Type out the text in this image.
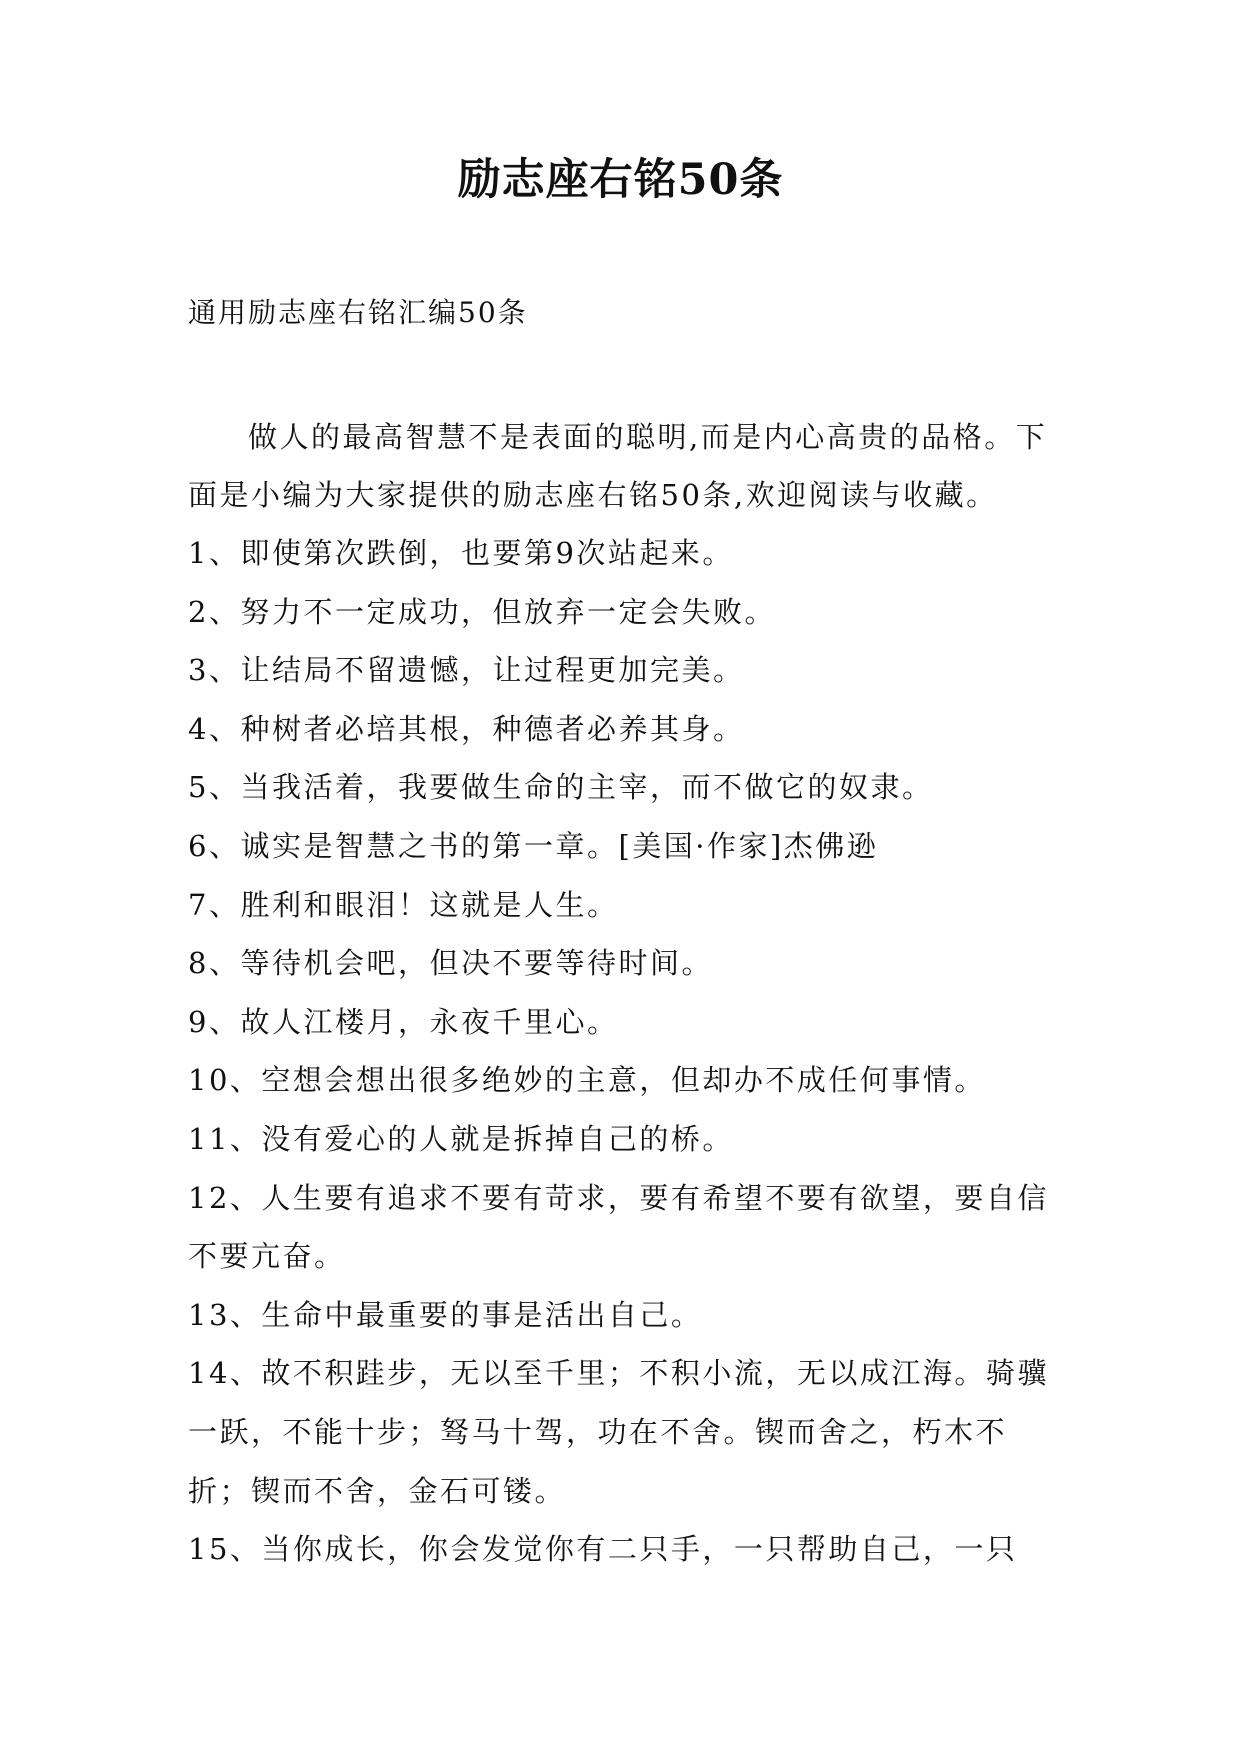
励志座右铭50条

通用励志座右铭汇编50条

做人的最高智慧不是表面的聪明,而是内心高贵的品格。下面是小编为大家提供的励志座右铭50条,欢迎阅读与收藏。

1、即使第次跌倒，也要第9次站起来。

2、努力不一定成功，但放弃一定会失败。

3、让结局不留遗憾，让过程更加完美。

4、种树者必培其根，种德者必养其身。

5、当我活着，我要做生命的主宰，而不做它的奴隶。

6、诚实是智慧之书的第一章。[美国·作家]杰佛逊

7、胜利和眼泪！这就是人生。

8、等待机会吧，但决不要等待时间。

9、故人江楼月，永夜千里心。

10、空想会想出很多绝妙的主意，但却办不成任何事情。

11、没有爱心的人就是拆掉自己的桥。

12、人生要有追求不要有苛求，要有希望不要有欲望，要自信不要亢奋。

13、生命中最重要的事是活出自己。

14、故不积跬步，无以至千里；不积小流，无以成江海。骑骥一跃，不能十步；驽马十驾，功在不舍。锲而舍之，朽木不折；锲而不舍，金石可镂。

15、当你成长，你会发觉你有二只手，一只帮助自己，一只
